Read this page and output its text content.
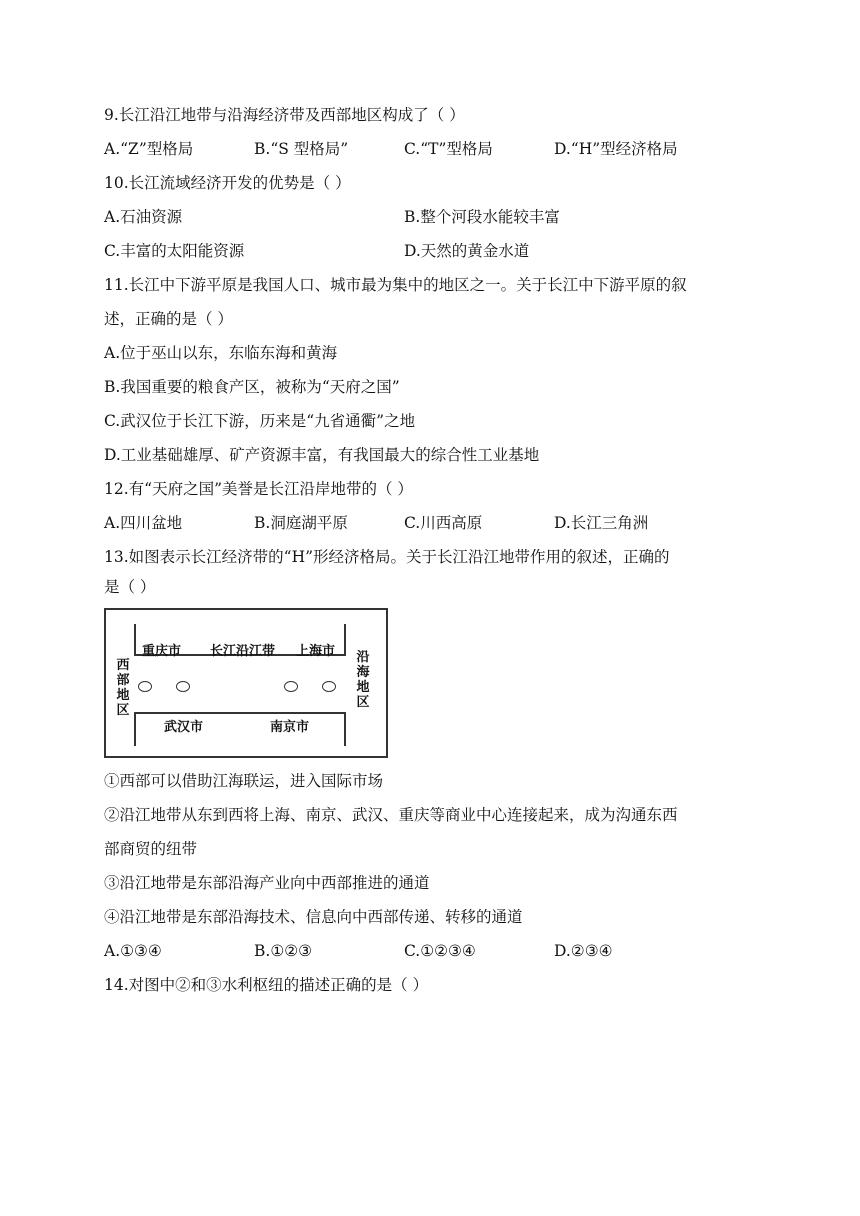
9.长江沿江地带与沿海经济带及西部地区构成了（ ）
A.“Z”型格局	B.“S 型格局”	C.“T”型格局	D.“H”型经济格局
10.长江流域经济开发的优势是（ ）
A.石油资源	B.整个河段水能较丰富
C.丰富的太阳能资源	D.天然的黄金水道
11.长江中下游平原是我国人口、城市最为集中的地区之一。关于长江中下游平原的叙
述，正确的是（ ）
A.位于巫山以东，东临东海和黄海
B.我国重要的粮食产区，被称为“天府之国”
C.武汉位于长江下游，历来是“九省通衢”之地
D.工业基础雄厚、矿产资源丰富，有我国最大的综合性工业基地
12.有“天府之国”美誉是长江沿岸地带的（ ）
A.四川盆地	B.洞庭湖平原	C.川西高原	D.长江三角洲
13.如图表示长江经济带的“H”形经济格局。关于长江沿江地带作用的叙述，正确的
是（ ）
重庆市 长江沿江带 上海市
西部地区
沿海地区
武汉市	南京市
①西部可以借助江海联运，进入国际市场
②沿江地带从东到西将上海、南京、武汉、重庆等商业中心连接起来，成为沟通东西
部商贸的纽带
③沿江地带是东部沿海产业向中西部推进的通道
④沿江地带是东部沿海技术、信息向中西部传递、转移的通道
A.①③④	B.①②③	C.①②③④	D.②③④
14.对图中②和③水利枢纽的描述正确的是（ ）
